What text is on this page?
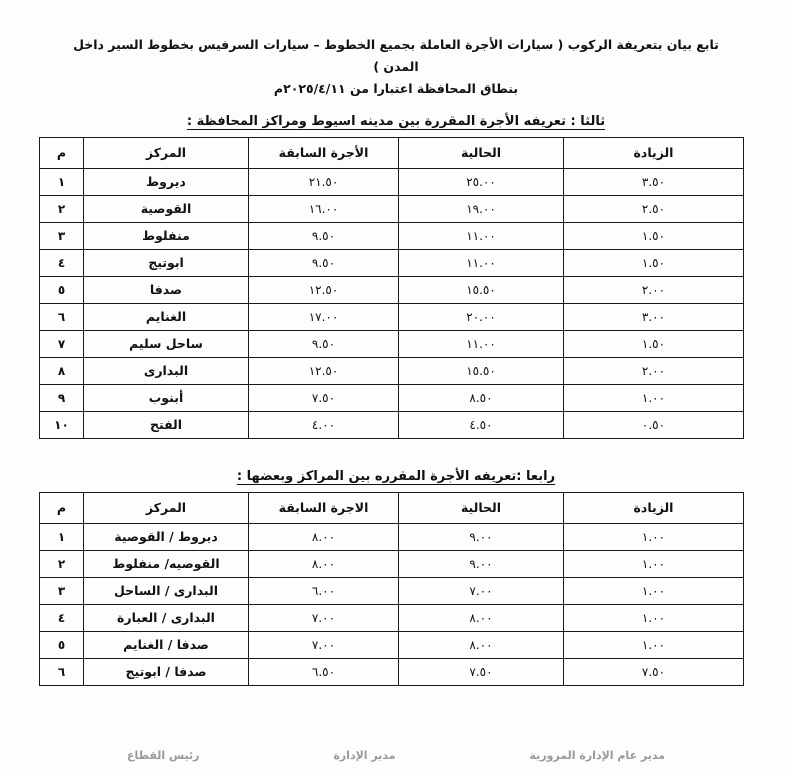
تابع بيان بتعريفة الركوب ( سيارات الأجرة العاملة بجميع الخطوط – سيارات السرفيس بخطوط السير داخل المدن )
بنطاق المحافظة اعتبارا من ٢٠٢٥/٤/١١م
ثالثا : تعريفه الأجرة المقررة بين مدينه اسيوط ومراكز المحافظة :
الزيادة	الحالية	الأجرة السابقة	المركز	م
٣.٥٠	٢٥.٠٠	٢١.٥٠	ديروط	١
٢.٥٠	١٩.٠٠	١٦.٠٠	القوصية	٢
١.٥٠	١١.٠٠	٩.٥٠	منفلوط	٣
١.٥٠	١١.٠٠	٩.٥٠	ابوتيج	٤
٢.٠٠	١٥.٥٠	١٢.٥٠	صدفا	٥
٣.٠٠	٢٠.٠٠	١٧.٠٠	الغنايم	٦
١.٥٠	١١.٠٠	٩.٥٠	ساحل سليم	٧
٢.٠٠	١٥.٥٠	١٢.٥٠	البدارى	٨
١.٠٠	٨.٥٠	٧.٥٠	أبنوب	٩
٠.٥٠	٤.٥٠	٤.٠٠	الفتح	١٠
رابعا :تعريفه الأجرة المقرره بين المراكز وبعضها :
الزيادة	الحالية	الاجرة السابقة	المركز	م
١.٠٠	٩.٠٠	٨.٠٠	ديروط / القوصية	١
١.٠٠	٩.٠٠	٨.٠٠	القوصيه/ منفلوط	٢
١.٠٠	٧.٠٠	٦.٠٠	البدارى / الساحل	٣
١.٠٠	٨.٠٠	٧.٠٠	البدارى / العبارة	٤
١.٠٠	٨.٠٠	٧.٠٠	صدفا / الغنايم	٥
٧.٥٠	٧.٥٠	٦.٥٠	صدفا / ابوتيج	٦
مدير عام الإدارة المرورية
مدير الإدارة
رئيس القطاع
